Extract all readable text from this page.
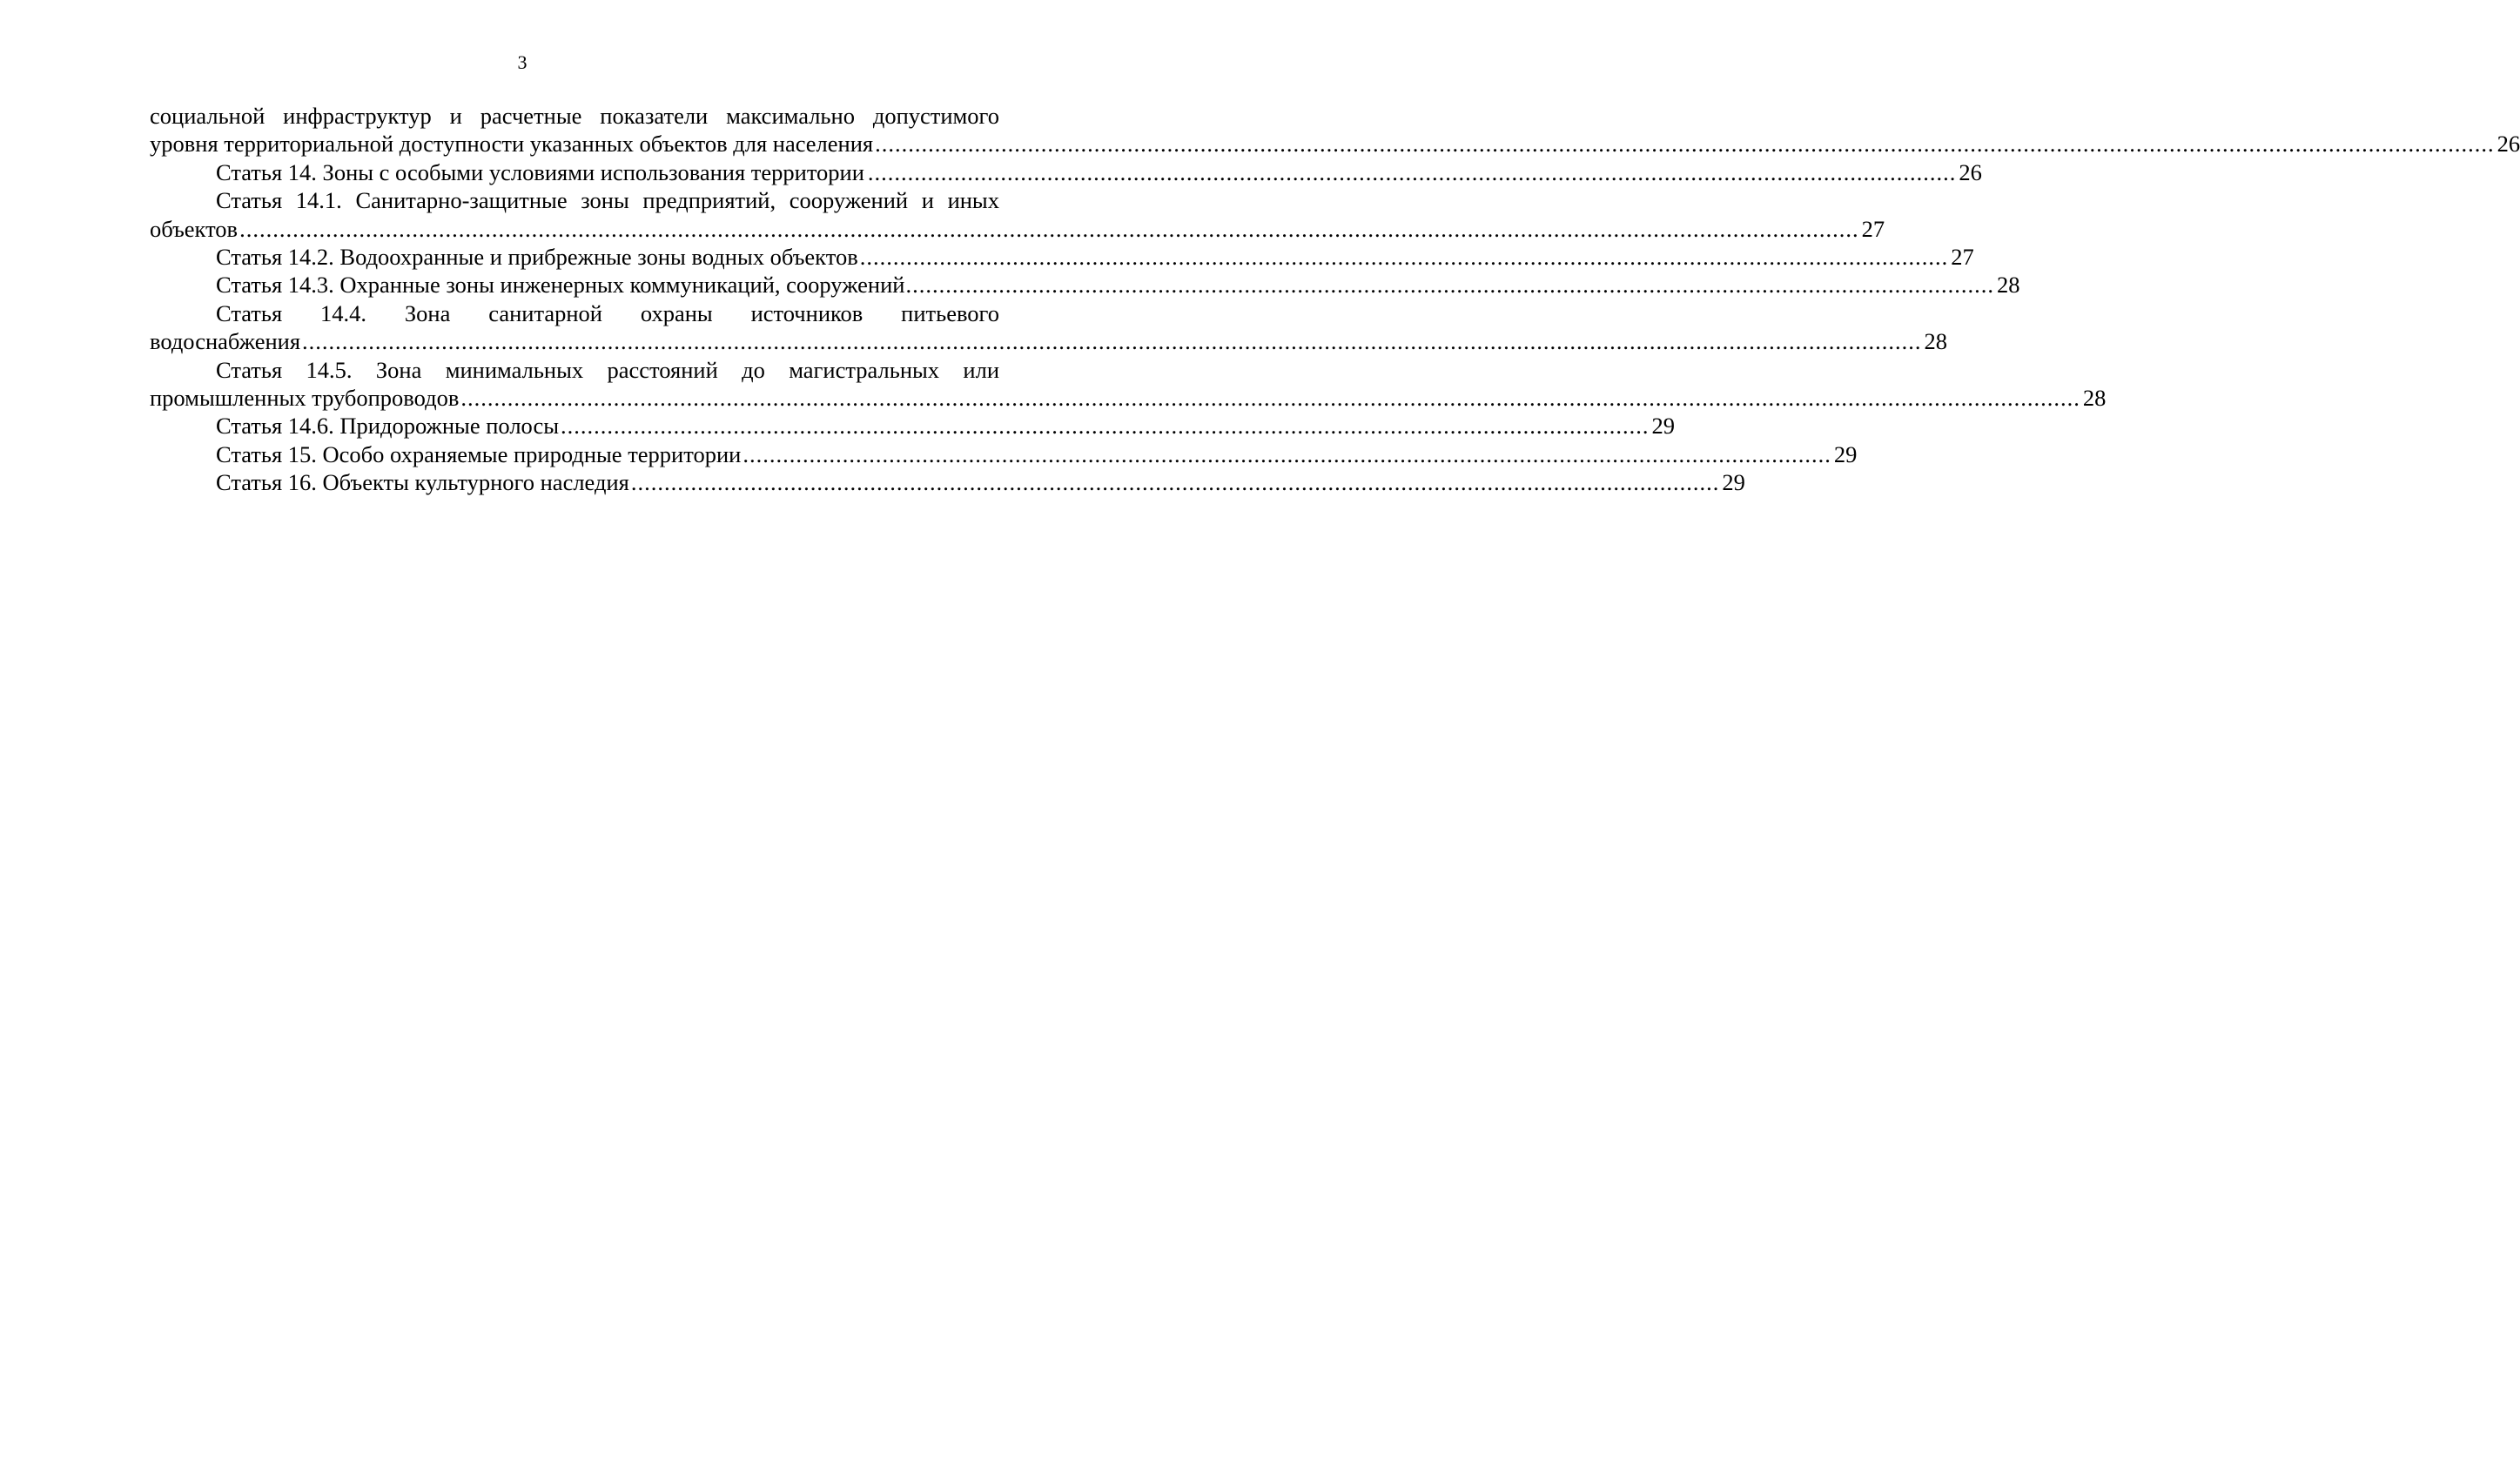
3
социальной инфраструктур и расчетные показатели максимально допустимого
уровня территориальной доступности указанных объектов для населения .....	26
Статья 14. Зоны с особыми условиями использования территории .................................................................................................................................................................... 26
Статья 14.1. Санитарно-защитные зоны предприятий, сооружений и иных
объектов .....	27
Статья 14.2. Водоохранные и прибрежные зоны водных объектов .................................................................................................................................................................... 27
Статья 14.3. Охранные зоны инженерных коммуникаций, сооружений .................................................................................................................................................................... 28
Статья 14.4. Зона санитарной охраны источников питьевого
водоснабжения .....	28
Статья 14.5. Зона минимальных расстояний до магистральных или
промышленных трубопроводов .....	28
Статья 14.6. Придорожные полосы .................................................................................................................................................................... 29
Статья 15. Особо охраняемые природные территории .................................................................................................................................................................... 29
Статья 16. Объекты культурного наследия .................................................................................................................................................................... 29
